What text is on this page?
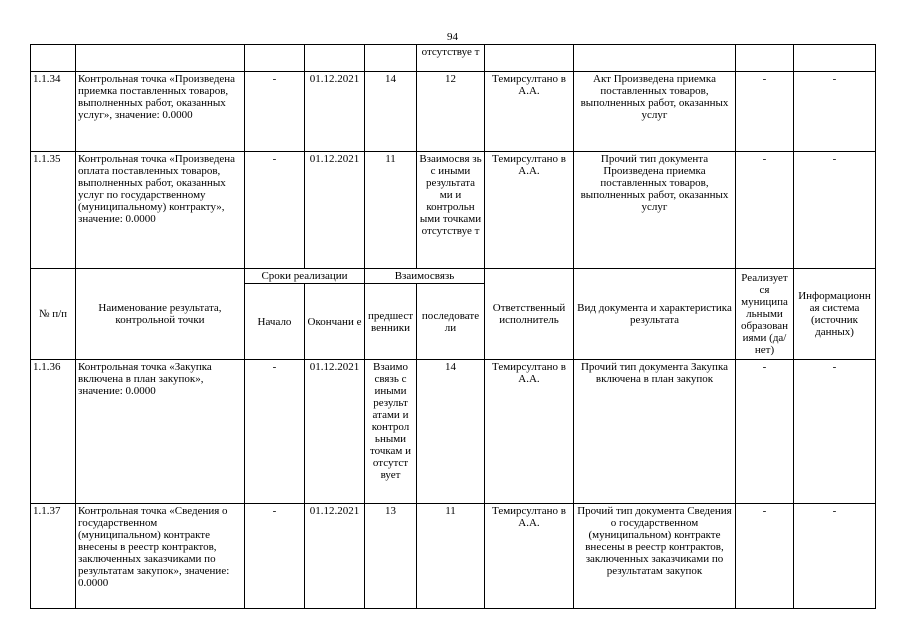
94
					отсутствуе т				
1.1.34	Контрольная точка «Произведена приемка поставленных товаров, выполненных работ, оказанных услуг», значение: 0.0000	-	01.12.2021	14	12	Темирсултано в А.А.	Акт Произведена приемка поставленных товаров, выполненных работ, оказанных услуг	-	-
1.1.35	Контрольная точка «Произведена оплата поставленных товаров, выполненных работ, оказанных услуг по государственному (муниципальному) контракту», значение: 0.0000	-	01.12.2021	11	Взаимосвя зь с иными результата ми и контрольн ыми точками отсутствуе т	Темирсултано в А.А.	Прочий тип документа Произведена приемка поставленных товаров, выполненных работ, оказанных услуг	-	-
№ п/п	Наименование результата, контрольной точки	Сроки реализации		Взаимосвязь		Ответственный исполнитель	Вид документа и характеристика результата	Реализует ся муниципа льными образован иями (да/нет)	Информационн ая система (источник данных)
		Начало	Окончани е	предшест венники	последовате ли				
1.1.36	Контрольная точка «Закупка включена в план закупок», значение: 0.0000	-	01.12.2021	Взаимо связь с иными результ атами и контрол ьными точкам и отсутст вует	14	Темирсултано в А.А.	Прочий тип документа Закупка включена в план закупок	-	-
1.1.37	Контрольная точка «Сведения о государственном (муниципальном) контракте внесены в реестр контрактов, заключенных заказчиками по результатам закупок», значение: 0.0000	-	01.12.2021	13	11	Темирсултано в А.А.	Прочий тип документа Сведения о государственном (муниципальном) контракте внесены в реестр контрактов, заключенных заказчиками по результатам закупок	-	-
